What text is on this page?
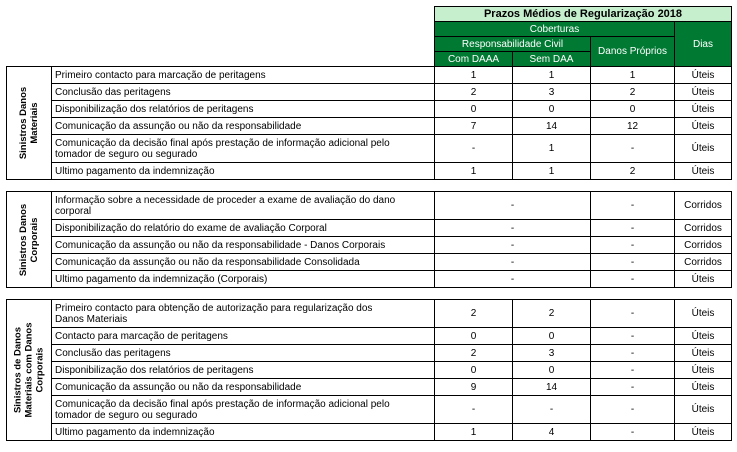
		Prazos Médios de Regularização 2018			
		Coberturas			Dias
		Responsabilidade Civil		Danos Próprios	
		Com DAAA	Sem DAA		

Sinistros Danos
Materiais	Primeiro contacto para marcação de peritagens	1	1	1	Úteis
	Conclusão das peritagens	2	3	2	Úteis
	Disponibilização dos relatórios de peritagens	0	0	0	Úteis
	Comunicação da assunção ou não da responsabilidade	7	14	12	Úteis
	Comunicação da decisão final após prestação de informação adicional pelo
tomador de seguro ou segurado	-	1	-	Úteis
	Ultimo pagamento da indemnização	1	1	2	Úteis
Sinistros Danos
Corporais	Informação sobre a necessidade de proceder a exame de avaliação do dano
corporal	-	-	Corridos
	Disponibilização do relatório do exame de avaliação Corporal	-	-	Corridos
	Comunicação da assunção ou não da responsabilidade - Danos Corporais	-	-	Corridos
	Comunicação da assunção ou não da responsabilidade Consolidada	-	-	Corridos
	Ultimo pagamento da indemnização (Corporais)	-	-	Úteis
Sinistros de Danos
Materiais com Danos
Corporais	Primeiro contacto para obtenção de autorização para regularização dos
Danos Materiais	2	2	-	Úteis
	Contacto para marcação de peritagens	0	0	-	Úteis
	Conclusão das peritagens	2	3	-	Úteis
	Disponibilização dos relatórios de peritagens	0	0	-	Úteis
	Comunicação da assunção ou não da responsabilidade	9	14	-	Úteis
	Comunicação da decisão final após prestação de informação adicional pelo
tomador de seguro ou segurado	-	-	-	Úteis
	Ultimo pagamento da indemnização	1	4	-	Úteis
